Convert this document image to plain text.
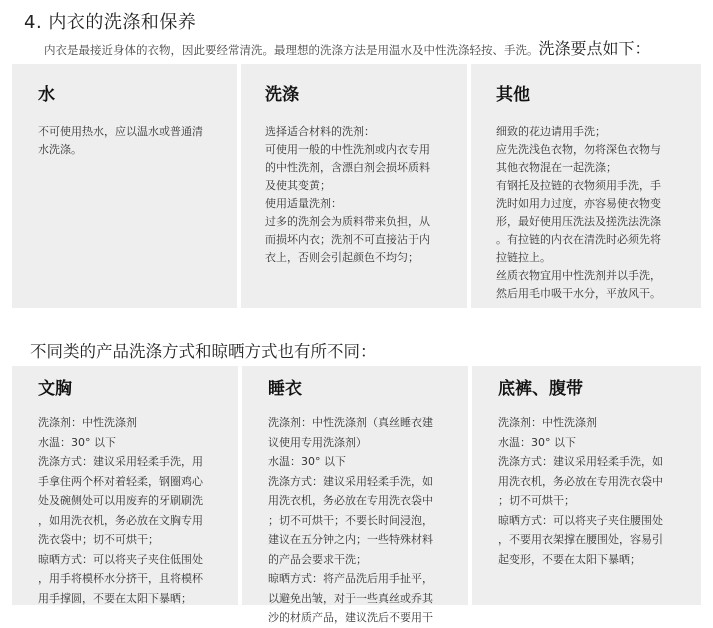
4. 内衣的洗涤和保养
内衣是最接近身体的衣物，因此要经常清洗。最理想的洗涤方法是用温水及中性洗涤轻按、手洗。洗涤要点如下：
水
不可使用热水，应以温水或普通清
水洗涤。
洗涤
选择适合材料的洗剂：
可使用一般的中性洗剂或内衣专用
的中性洗剂，含漂白剂会损坏质料
及使其变黄；
使用适量洗剂：
过多的洗剂会为质料带来负担，从
而损坏内衣；洗剂不可直接沾于内
衣上，否则会引起颜色不均匀；
其他
细致的花边请用手洗；
应先洗浅色衣物，勿将深色衣物与
其他衣物混在一起洗涤；
有钢托及拉链的衣物须用手洗，手
洗时如用力过度，亦容易使衣物变
形，最好使用压洗法及搓洗法洗涤
。有拉链的内衣在清洗时必须先将
拉链拉上。
丝质衣物宜用中性洗剂并以手洗，
然后用毛巾吸干水分，平放风干。
不同类的产品洗涤方式和晾晒方式也有所不同：
文胸
洗涤剂：中性洗涤剂
水温：30° 以下
洗涤方式：建议采用轻柔手洗，用
手拿住两个杯对着轻柔，钢圈鸡心
处及碗侧处可以用废弃的牙刷刷洗
，如用洗衣机，务必放在文胸专用
洗衣袋中；切不可烘干；
晾晒方式：可以将夹子夹住低围处
，用手将模杯水分挤干，且将模杯
用手撑圆，不要在太阳下暴晒；
睡衣
洗涤剂：中性洗涤剂（真丝睡衣建
议使用专用洗涤剂）
水温：30° 以下
洗涤方式：建议采用轻柔手洗，如
用洗衣机，务必放在专用洗衣袋中
；切不可烘干；不要长时间浸泡，
建议在五分钟之内；一些特殊材料
的产品会要求干洗；
晾晒方式：将产品洗后用手扯平，
以避免出皱，对于一些真丝或乔其
沙的材质产品，建议洗后不要用干
底裤、腹带
洗涤剂：中性洗涤剂
水温：30° 以下
洗涤方式：建议采用轻柔手洗，如
用洗衣机，务必放在专用洗衣袋中
；切不可烘干；
晾晒方式：可以将夹子夹住腰围处
，不要用衣架撑在腰围处，容易引
起变形，不要在太阳下暴晒；
